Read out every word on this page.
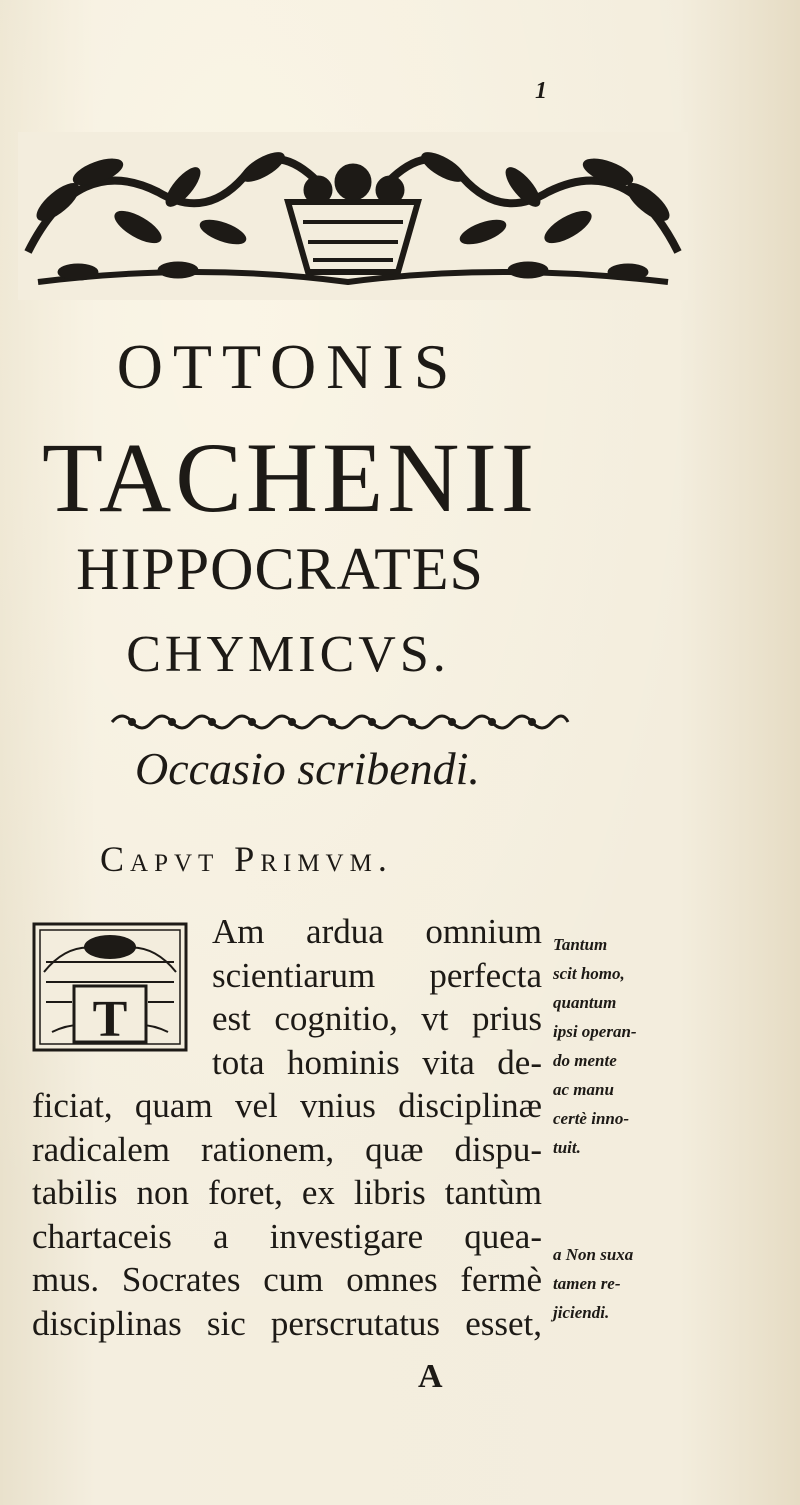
1
OTTONIS
TACHENII
HIPPOCRATES
CHYMICVS.
Occasio scribendi.
Capvt Primvm.
T
Am ardua omnium
scientiarum perfecta
est cognitio, vt prius
tota hominis vita de-
ficiat, quam vel vnius disciplinæ
radicalem rationem, quæ dispu-
tabilis non foret, ex libris tantùm
chartaceis a investigare quea-
mus. Socrates cum omnes fermè
disciplinas sic perscrutatus esset,
A
Tantum
scit homo,
quantum
ipsi operan-
do mente
ac manu
certè inno-
tuit.
a Non suxa
tamen re-
jiciendi.
